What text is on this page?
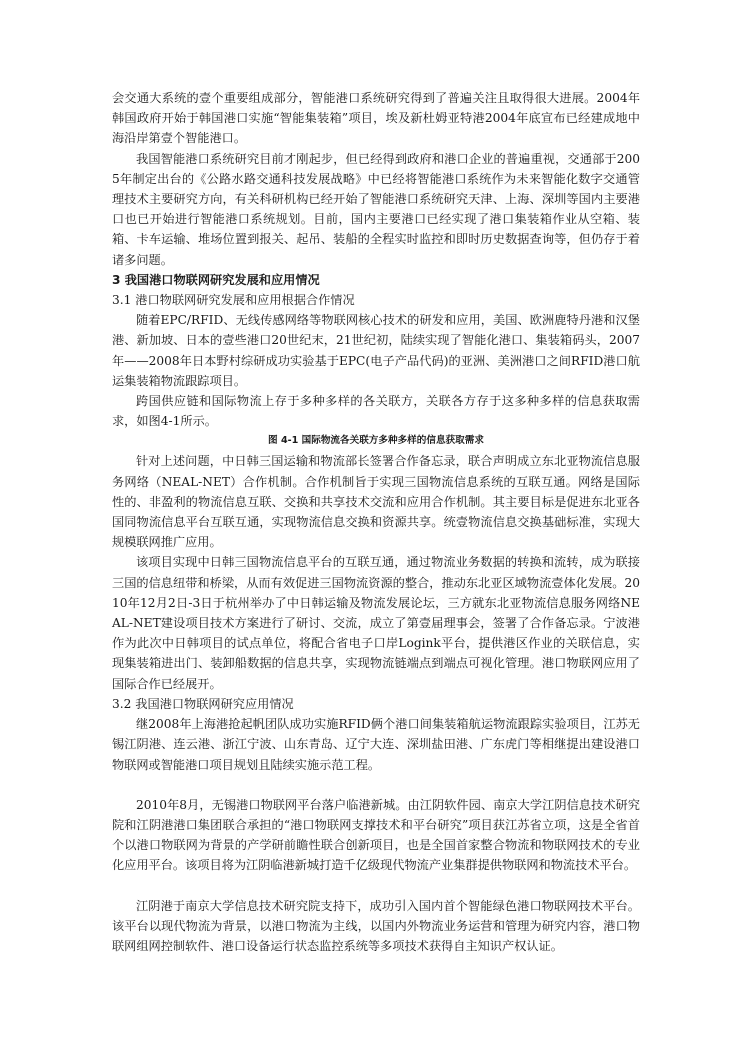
会交通大系统的壹个重要组成部分，智能港口系统研究得到了普遍关注且取得很大进展。2004年韩国政府开始于韩国港口实施“智能集装箱”项目，埃及新杜姆亚特港2004年底宣布已经建成地中海沿岸第壹个智能港口。

我国智能港口系统研究目前才刚起步，但已经得到政府和港口企业的普遍重视，交通部于2005年制定出台的《公路水路交通科技发展战略》中已经将智能港口系统作为未来智能化数字交通管理技术主要研究方向，有关科研机构已经开始了智能港口系统研究天津、上海、深圳等国内主要港口也已开始进行智能港口系统规划。目前，国内主要港口已经实现了港口集装箱作业从空箱、装箱、卡车运输、堆场位置到报关、起吊、装船的全程实时监控和即时历史数据查询等，但仍存于着诸多问题。

3 我国港口物联网研究发展和应用情况

3.1 港口物联网研究发展和应用根据合作情况

随着EPC/RFID、无线传感网络等物联网核心技术的研发和应用，美国、欧洲鹿特丹港和汉堡港、新加坡、日本的壹些港口20世纪末，21世纪初，陆续实现了智能化港口、集装箱码头，2007年——2008年日本野村综研成功实验基于EPC(电子产品代码)的亚洲、美洲港口之间RFID港口航运集装箱物流跟踪项目。

跨国供应链和国际物流上存于多种多样的各关联方，关联各方存于这多种多样的信息获取需求，如图4-1所示。

图 4-1 国际物流各关联方多种多样的信息获取需求

针对上述问题，中日韩三国运输和物流部长签署合作备忘录，联合声明成立东北亚物流信息服务网络（NEAL-NET）合作机制。合作机制旨于实现三国物流信息系统的互联互通。网络是国际性的、非盈利的物流信息互联、交换和共享技术交流和应用合作机制。其主要目标是促进东北亚各国同物流信息平台互联互通，实现物流信息交换和资源共享。统壹物流信息交换基础标准，实现大规模联网推广应用。

该项目实现中日韩三国物流信息平台的互联互通，通过物流业务数据的转换和流转，成为联接三国的信息纽带和桥梁，从而有效促进三国物流资源的整合，推动东北亚区域物流壹体化发展。2010年12月2日-3日于杭州举办了中日韩运输及物流发展论坛，三方就东北亚物流信息服务网络NEAL-NET建设项目技术方案进行了研讨、交流，成立了第壹届理事会，签署了合作备忘录。宁波港作为此次中日韩项目的试点单位，将配合省电子口岸Logink平台，提供港区作业的关联信息，实现集装箱进出门、装卸船数据的信息共享，实现物流链端点到端点可视化管理。港口物联网应用了国际合作已经展开。

3.2 我国港口物联网研究应用情况

继2008年上海港抢起帆团队成功实施RFID俩个港口间集装箱航运物流跟踪实验项目，江苏无锡江阴港、连云港、浙江宁波、山东青岛、辽宁大连、深圳盐田港、广东虎门等相继提出建设港口物联网或智能港口项目规划且陆续实施示范工程。

2010年8月，无锡港口物联网平台落户临港新城。由江阴软件园、南京大学江阴信息技术研究院和江阴港港口集团联合承担的“港口物联网支撑技术和平台研究”项目获江苏省立项，这是全省首个以港口物联网为背景的产学研前瞻性联合创新项目，也是全国首家整合物流和物联网技术的专业化应用平台。该项目将为江阴临港新城打造千亿级现代物流产业集群提供物联网和物流技术平台。

江阴港于南京大学信息技术研究院支持下，成功引入国内首个智能绿色港口物联网技术平台。该平台以现代物流为背景，以港口物流为主线，以国内外物流业务运营和管理为研究内容，港口物联网组网控制软件、港口设备运行状态监控系统等多项技术获得自主知识产权认证。
